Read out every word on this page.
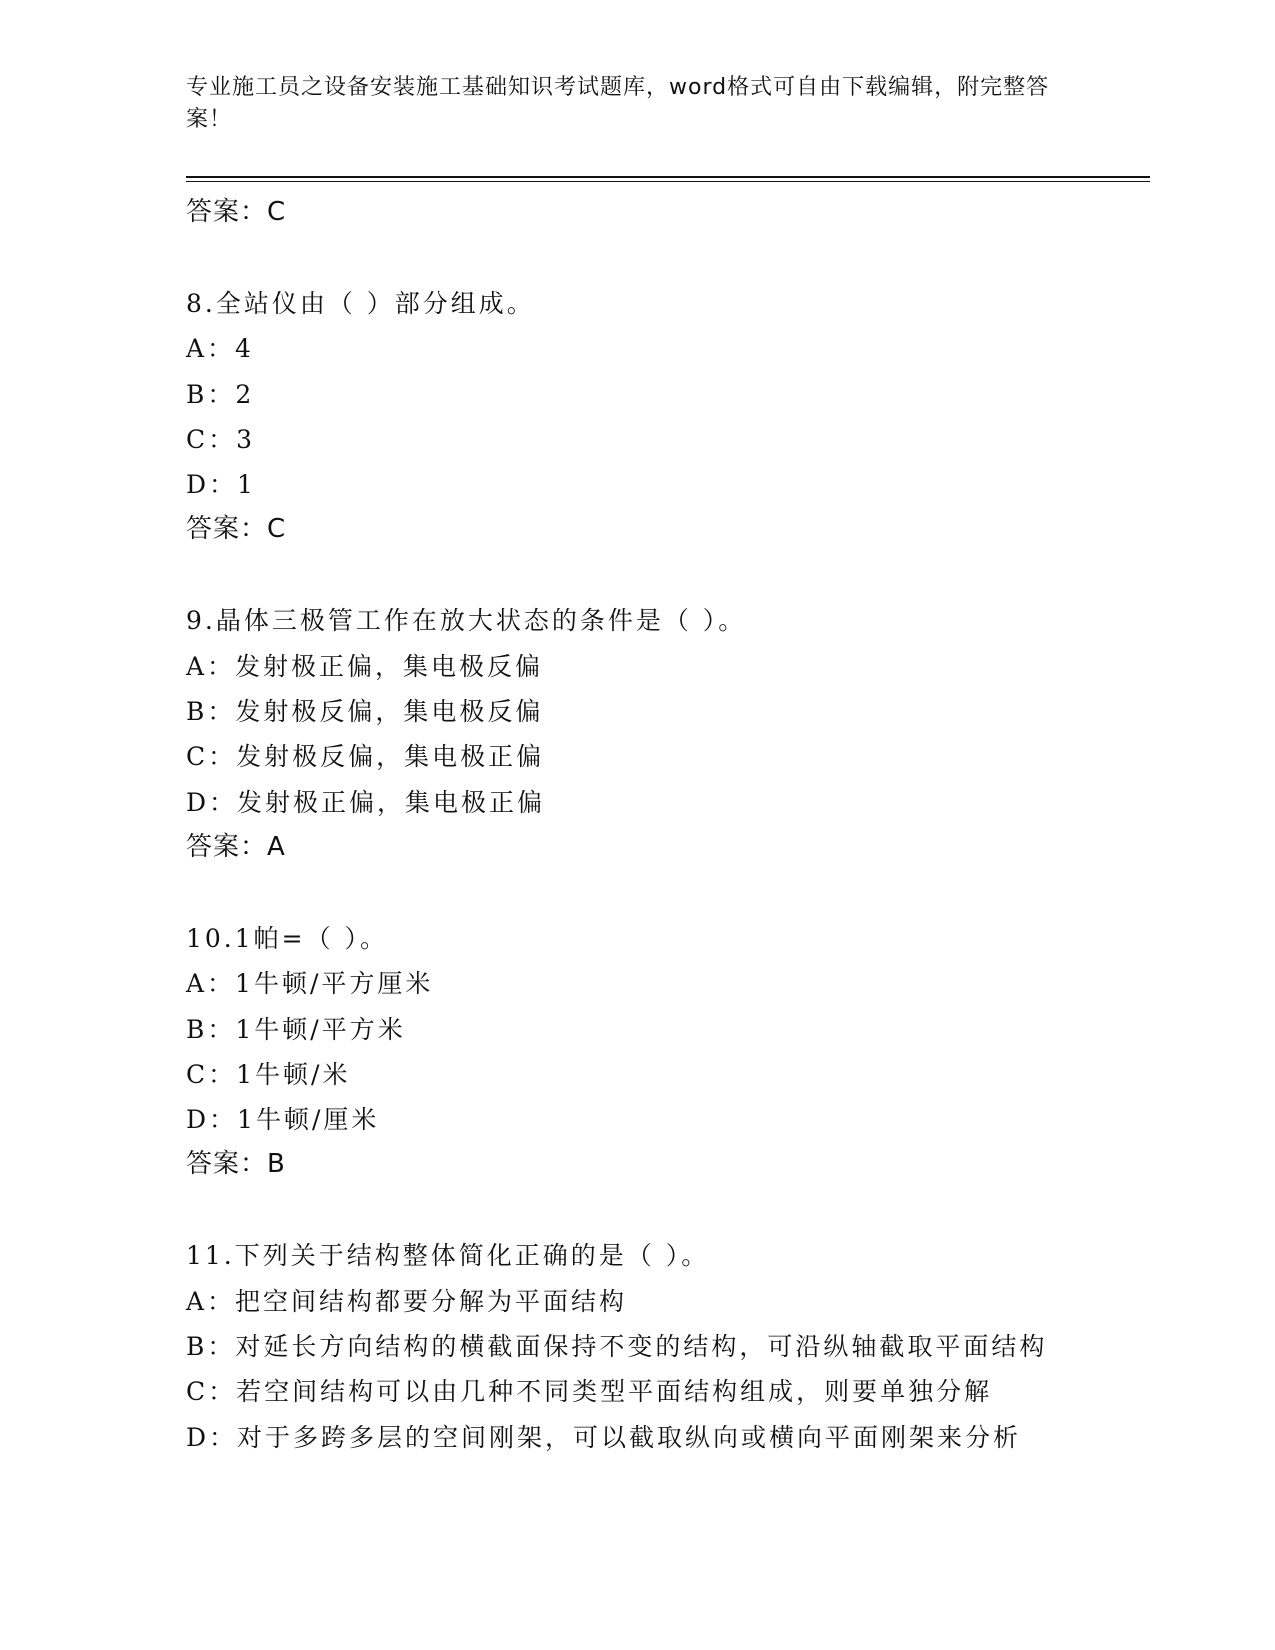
专业施工员之设备安装施工基础知识考试题库，word格式可自由下载编辑，附完整答案！
答案：C
8.全站仪由（ ）部分组成。
A：4
B：2
C：3
D：1
答案：C
9.晶体三极管工作在放大状态的条件是（ ）。
A：发射极正偏，集电极反偏
B：发射极反偏，集电极反偏
C：发射极反偏，集电极正偏
D：发射极正偏，集电极正偏
答案：A
10.1帕=（ ）。
A：1牛顿/平方厘米
B：1牛顿/平方米
C：1牛顿/米
D：1牛顿/厘米
答案：B
11.下列关于结构整体简化正确的是（ ）。
A：把空间结构都要分解为平面结构
B：对延长方向结构的横截面保持不变的结构，可沿纵轴截取平面结构
C：若空间结构可以由几种不同类型平面结构组成，则要单独分解
D：对于多跨多层的空间刚架，可以截取纵向或横向平面刚架来分析
